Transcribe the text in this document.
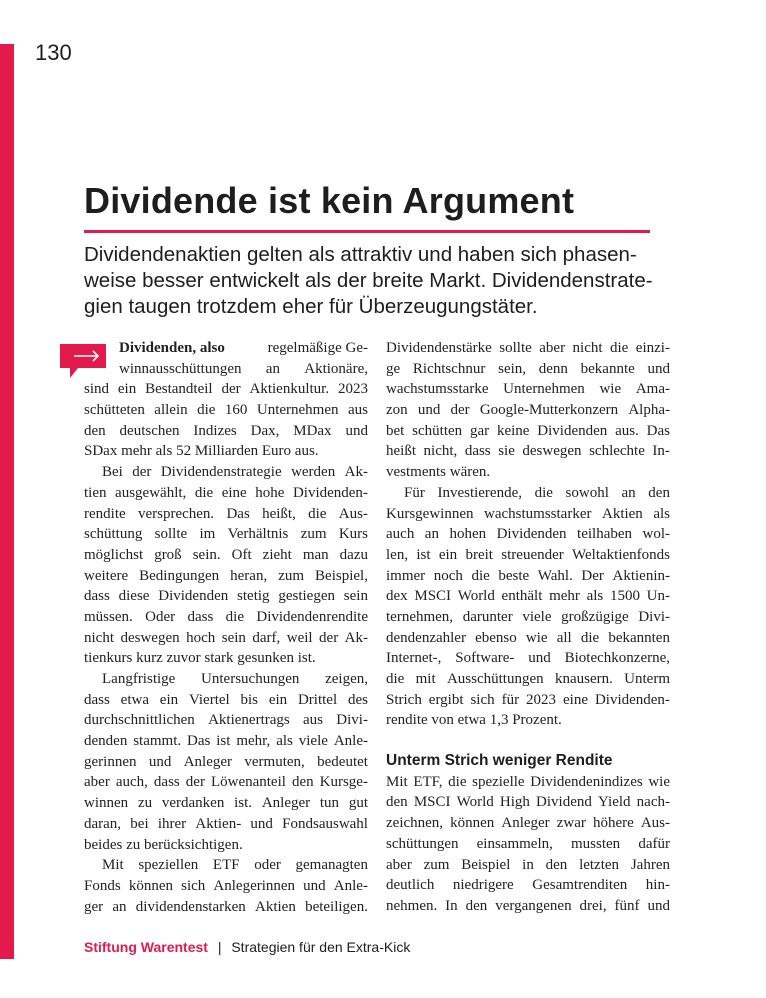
130
Dividende ist kein Argument
Dividendenaktien gelten als attraktiv und haben sich phasen-
weise besser entwickelt als der breite Markt. Dividendenstrate-
gien taugen trotzdem eher für Überzeugungstäter.
Dividenden, also	regelmäßige Ge-
winnausschüttungen an Aktionäre,
sind ein Bestandteil der Aktienkultur. 2023
schütteten allein die 160 Unternehmen aus
den deutschen Indizes Dax, MDax und
SDax mehr als 52 Milliarden Euro aus.
Bei der Dividendenstrategie werden Ak-
tien ausgewählt, die eine hohe Dividenden-
rendite versprechen. Das heißt, die Aus-
schüttung sollte im Verhältnis zum Kurs
möglichst groß sein. Oft zieht man dazu
weitere Bedingungen heran, zum Beispiel,
dass diese Dividenden stetig gestiegen sein
müssen. Oder dass die Dividendenrendite
nicht deswegen hoch sein darf, weil der Ak-
tienkurs kurz zuvor stark gesunken ist.
Langfristige Untersuchungen zeigen,
dass etwa ein Viertel bis ein Drittel des
durchschnittlichen Aktienertrags aus Divi-
denden stammt. Das ist mehr, als viele Anle-
gerinnen und Anleger vermuten, bedeutet
aber auch, dass der Löwenanteil den Kursge-
winnen zu verdanken ist. Anleger tun gut
daran, bei ihrer Aktien- und Fondsauswahl
beides zu berücksichtigen.
Mit speziellen ETF oder gemanagten
Fonds können sich Anlegerinnen und Anle-
ger an dividendenstarken Aktien beteiligen.
Dividendenstärke sollte aber nicht die einzi-
ge Richtschnur sein, denn bekannte und
wachstumsstarke Unternehmen wie Ama-
zon und der Google-Mutterkonzern Alpha-
bet schütten gar keine Dividenden aus. Das
heißt nicht, dass sie deswegen schlechte In-
vestments wären.
Für Investierende, die sowohl an den
Kursgewinnen wachstumsstarker Aktien als
auch an hohen Dividenden teilhaben wol-
len, ist ein breit streuender Weltaktienfonds
immer noch die beste Wahl. Der Aktienin-
dex MSCI World enthält mehr als 1500 Un-
ternehmen, darunter viele großzügige Divi-
dendenzahler ebenso wie all die bekannten
Internet-, Software- und Biotechkonzerne,
die mit Ausschüttungen knausern. Unterm
Strich ergibt sich für 2023 eine Dividenden-
rendite von etwa 1,3 Prozent.
Unterm Strich weniger Rendite
Mit ETF, die spezielle Dividendenindizes wie
den MSCI World High Dividend Yield nach-
zeichnen, können Anleger zwar höhere Aus-
schüttungen einsammeln, mussten dafür
aber zum Beispiel in den letzten Jahren
deutlich niedrigere Gesamtrenditen hin-
nehmen. In den vergangenen drei, fünf und
Stiftung Warentest | Strategien für den Extra-Kick
